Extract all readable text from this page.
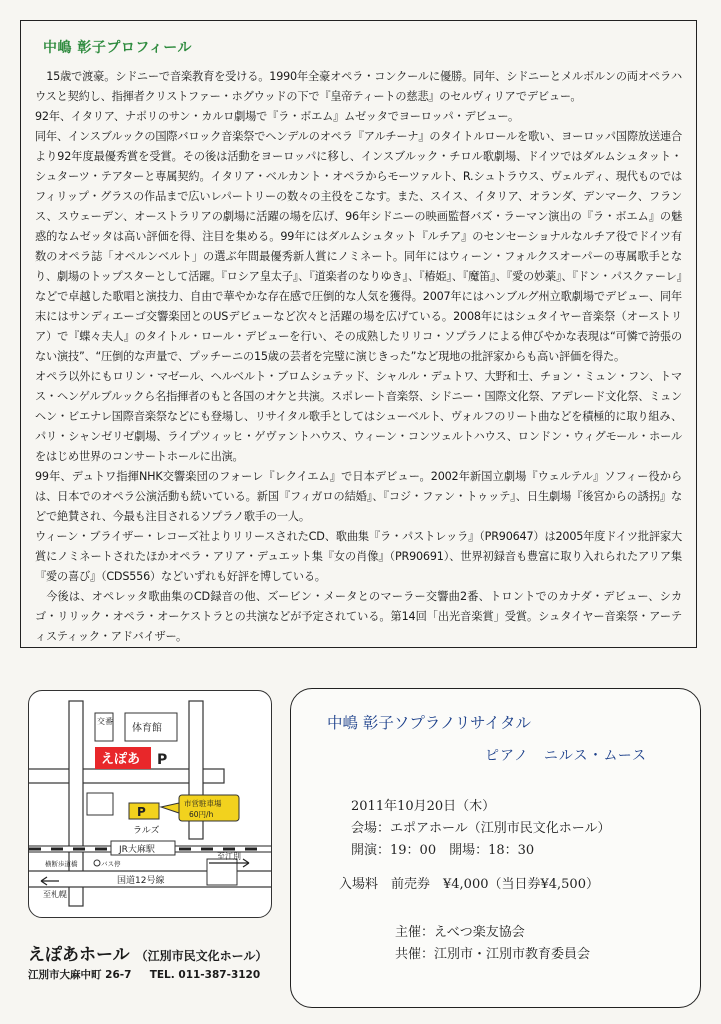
中嶋 彰子プロフィール

15歳で渡豪。シドニーで音楽教育を受ける。1990年全豪オペラ・コンクールに優勝。同年、シドニーとメルボルンの両オペラハウスと契約し、指揮者クリストファー・ホグウッドの下で『皇帝ティートの慈悲』のセルヴィリアでデビュー。

92年、イタリア、ナポリのサン・カルロ劇場で『ラ・ボエム』ムゼッタでヨーロッパ・デビュー。

同年、インスブルックの国際バロック音楽祭でヘンデルのオペラ『アルチーナ』のタイトルロールを歌い、ヨーロッパ国際放送連合より92年度最優秀賞を受賞。その後は活動をヨーロッパに移し、インスブルック・チロル歌劇場、ドイツではダルムシュタット・シュターツ・テアターと専属契約。イタリア・ベルカント・オペラからモーツァルト、R.シュトラウス、ヴェルディ、現代ものではフィリップ・グラスの作品まで広いレパートリーの数々の主役をこなす。また、スイス、イタリア、オランダ、デンマーク、フランス、スウェーデン、オーストラリアの劇場に活躍の場を広げ、96年シドニーの映画監督バズ・ラーマン演出の『ラ・ボエム』の魅惑的なムゼッタは高い評価を得、注目を集める。99年にはダルムシュタット『ルチア』のセンセーショナルなルチア役でドイツ有数のオペラ誌「オペルンベルト」の選ぶ年間最優秀新人賞にノミネート。同年にはウィーン・フォルクスオーパーの専属歌手となり、劇場のトップスターとして活躍。『ロシア皇太子』、『道楽者のなりゆき』、『椿姫』、『魔笛』、『愛の妙薬』、『ドン・パスクァーレ』などで卓越した歌唱と演技力、自由で華やかな存在感で圧倒的な人気を獲得。2007年にはハンブルグ州立歌劇場でデビュー、同年末にはサンディエーゴ交響楽団とのUSデビューなど次々と活躍の場を広げている。2008年にはシュタイヤー音楽祭（オーストリア）で『蝶々夫人』のタイトル・ロール・デビューを行い、その成熟したリリコ・ソプラノによる伸びやかな表現は“可憐で誇張のない演技”、“圧倒的な声量で、プッチーニの15歳の芸者を完璧に演じきった”など現地の批評家からも高い評価を得た。

オペラ以外にもロリン・マゼール、ヘルベルト・ブロムシュテッド、シャルル・デュトワ、大野和士、チョン・ミュン・フン、トマス・ヘンゲルブルックら名指揮者のもと各国のオケと共演。スポレート音楽祭、シドニー・国際文化祭、アデレード文化祭、ミュンヘン・ビエナレ国際音楽祭などにも登場し、リサイタル歌手としてはシューベルト、ヴォルフのリート曲などを積極的に取り組み、パリ・シャンゼリゼ劇場、ライプツィッヒ・ゲヴァントハウス、ウィーン・コンツェルトハウス、ロンドン・ウィグモール・ホールをはじめ世界のコンサートホールに出演。

99年、デュトワ指揮NHK交響楽団のフォーレ『レクイエム』で日本デビュー。2002年新国立劇場『ウェルテル』ソフィー役からは、日本でのオペラ公演活動も続いている。新国『フィガロの結婚』、『コジ・ファン・トゥッテ』、日生劇場『後宮からの誘拐』などで絶賛され、今最も注目されるソプラノ歌手の一人。

ウィーン・ブライザー・レコーズ社よりリリースされたCD、歌曲集『ラ・パストレッラ』（PR90647）は2005年度ドイツ批評家大賞にノミネートされたほかオペラ・アリア・デュエット集『女の肖像』（PR90691）、世界初録音も豊富に取り入れられたアリア集『愛の喜び』（CDS556）などいずれも好評を博している。

今後は、オペレッタ歌曲集のCD録音の他、ズービン・メータとのマーラー交響曲2番、トロントでのカナダ・デビュー、シカゴ・リリック・オペラ・オーケストラとの共演などが予定されている。第14回「出光音楽賞」受賞。シュタイヤー音楽祭・アーティスティック・アドバイザー。

交番
体育館
えぽあ P
P
ラルズ
市営駐車場
60円/h
JR大麻駅
横断歩道橋	バス停
至江別
国道12号線
至札幌
えぽあホール （江別市民文化ホール）
江別市大麻中町 26-7 TEL. 011-387-3120
中嶋 彰子ソプラノリサイタル
ピアノ　ニルス・ムース
2011年10月20日（木）
会場：エポアホール（江別市民文化ホール）
開演：19：00　開場：18：30
入場料　前売券　¥4,000（当日券¥4,500）
主催：えべつ楽友協会
共催：江別市・江別市教育委員会
